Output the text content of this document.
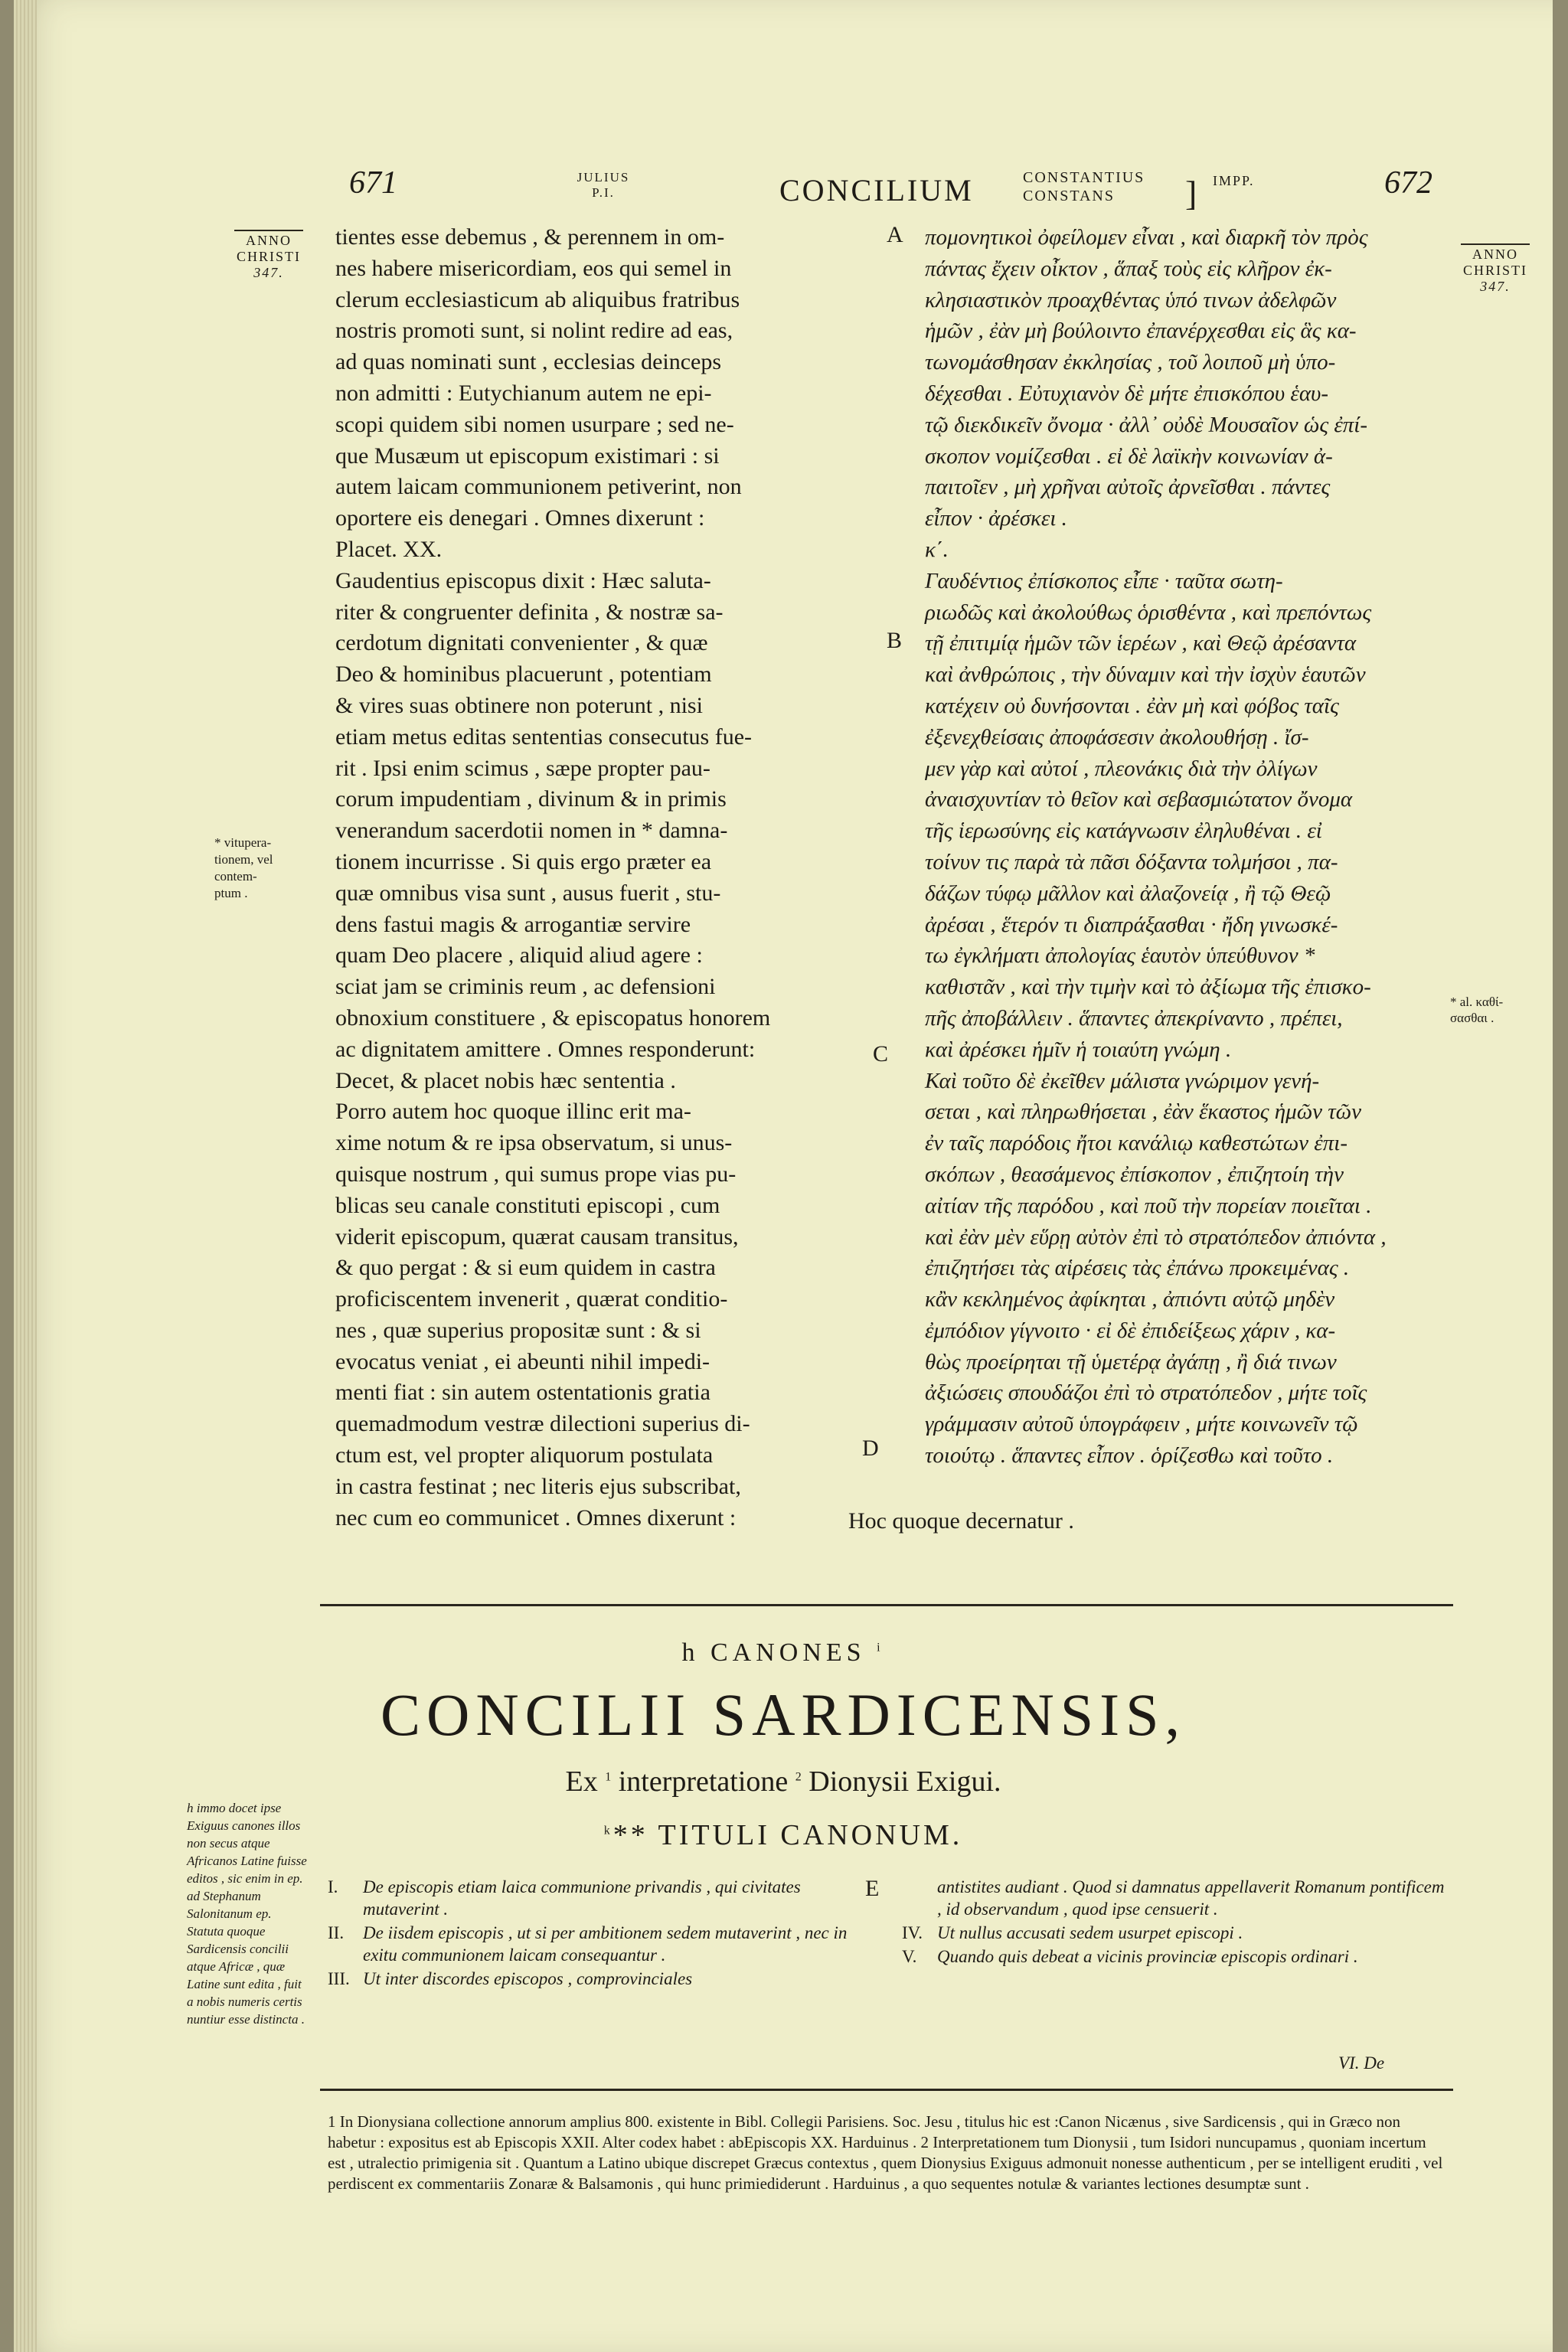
671	JULIUS
P.I.	CONCILIUM	CONSTANTIUS
CONSTANS	] IMPP.	672
ANNO
CHRISTI
347.
ANNO
CHRISTI
347.
tientes esse debemus , & perennem in om-
nes habere misericordiam, eos qui semel in
clerum ecclesiasticum ab aliquibus fratribus
nostris promoti sunt, si nolint redire ad eas,
ad quas nominati sunt , ecclesias deinceps
non admitti : Eutychianum autem ne epi-
scopi quidem sibi nomen usurpare ; sed ne-
que Musæum ut episcopum existimari : si
autem laicam communionem petiverint, non
oportere eis denegari . Omnes dixerunt :
Placet. XX.
Gaudentius episcopus dixit : Hæc saluta-
riter & congruenter definita , & nostræ sa-
cerdotum dignitati convenienter , & quæ
Deo & hominibus placuerunt , potentiam
& vires suas obtinere non poterunt , nisi
etiam metus editas sententias consecutus fue-
rit . Ipsi enim scimus , sæpe propter pau-
corum impudentiam , divinum & in primis
venerandum sacerdotii nomen in * damna-
tionem incurrisse . Si quis ergo præter ea
quæ omnibus visa sunt , ausus fuerit , stu-
dens fastui magis & arrogantiæ servire
quam Deo placere , aliquid aliud agere :
sciat jam se criminis reum , ac defensioni
obnoxium constituere , & episcopatus honorem
ac dignitatem amittere . Omnes responderunt:
Decet, & placet nobis hæc sententia .
Porro autem hoc quoque illinc erit ma-
xime notum & re ipsa observatum, si unus-
quisque nostrum , qui sumus prope vias pu-
blicas seu canale constituti episcopi , cum
viderit episcopum, quærat causam transitus,
& quo pergat : & si eum quidem in castra
proficiscentem invenerit , quærat conditio-
nes , quæ superius propositæ sunt : & si
evocatus veniat , ei abeunti nihil impedi-
menti fiat : sin autem ostentationis gratia
quemadmodum vestræ dilectioni superius di-
ctum est, vel propter aliquorum postulata
in castra festinat ; nec literis ejus subscribat,
nec cum eo communicet . Omnes dixerunt :	Hoc quoque decernatur .
A
B
C
D
πομονητικοὶ ὀφείλομεν εἶναι , καὶ διαρκῆ τὸν πρὸς
πάντας ἔχειν οἶκτον , ἅπαξ τοὺς εἰς κλῆρον ἐκ-
κλησιαστικὸν προαχθέντας ὑπό τινων ἀδελφῶν
ἡμῶν , ἐὰν μὴ βούλοιντο ἐπανέρχεσθαι εἰς ἃς κα-
τωνομάσθησαν ἐκκλησίας , τοῦ λοιποῦ μὴ ὑπο-
δέχεσθαι . Εὐτυχιανὸν δὲ μήτε ἐπισκόπου ἑαυ-
τῷ διεκδικεῖν ὄνομα · ἀλλ᾽ οὐδὲ Μουσαῖον ὡς ἐπί-
σκοπον νομίζεσθαι . εἰ δὲ λαϊκὴν κοινωνίαν ἀ-
παιτοῖεν , μὴ χρῆναι αὐτοῖς ἀρνεῖσθαι . πάντες
εἶπον · ἀρέσκει .
κ΄.
Γαυδέντιος ἐπίσκοπος εἶπε · ταῦτα σωτη-
ριωδῶς καὶ ἀκολούθως ὁρισθέντα , καὶ πρεπόντως
τῇ ἐπιτιμίᾳ ἡμῶν τῶν ἱερέων , καὶ Θεῷ ἀρέσαντα
καὶ ἀνθρώποις , τὴν δύναμιν καὶ τὴν ἰσχὺν ἑαυτῶν
κατέχειν οὐ δυνήσονται . ἐὰν μὴ καὶ φόβος ταῖς
ἐξενεχθείσαις ἀποφάσεσιν ἀκολουθήσῃ . ἴσ-
μεν γὰρ καὶ αὐτοί , πλεονάκις διὰ τὴν ὀλίγων
ἀναισχυντίαν τὸ θεῖον καὶ σεβασμιώτατον ὄνομα
τῆς ἱερωσύνης εἰς κατάγνωσιν ἐληλυθέναι . εἰ
τοίνυν τις παρὰ τὰ πᾶσι δόξαντα τολμήσοι , πα-
δάζων τύφῳ μᾶλλον καὶ ἀλαζονείᾳ , ἢ τῷ Θεῷ
ἀρέσαι , ἕτερόν τι διαπράξασθαι · ἤδη γινωσκέ-
τω ἐγκλήματι ἀπολογίας ἑαυτὸν ὑπεύθυνον *
καθιστᾶν , καὶ τὴν τιμὴν καὶ τὸ ἀξίωμα τῆς ἐπισκο-
πῆς ἀποβάλλειν . ἅπαντες ἀπεκρίναντο , πρέπει,
καὶ ἀρέσκει ἡμῖν ἡ τοιαύτη γνώμη .
Καὶ τοῦτο δὲ ἐκεῖθεν μάλιστα γνώριμον γενή-
σεται , καὶ πληρωθήσεται , ἐὰν ἕκαστος ἡμῶν τῶν
ἐν ταῖς παρόδοις ἤτοι κανάλιῳ καθεστώτων ἐπι-
σκόπων , θεασάμενος ἐπίσκοπον , ἐπιζητοίη τὴν
αἰτίαν τῆς παρόδου , καὶ ποῦ τὴν πορείαν ποιεῖται .
καὶ ἐὰν μὲν εὕρῃ αὐτὸν ἐπὶ τὸ στρατόπεδον ἀπιόντα ,
ἐπιζητήσει τὰς αἱρέσεις τὰς ἐπάνω προκειμένας .
κἂν κεκλημένος ἀφίκηται , ἀπιόντι αὐτῷ μηδὲν
ἐμπόδιον γίγνοιτο · εἰ δὲ ἐπιδείξεως χάριν , κα-
θὼς προείρηται τῇ ὑμετέρᾳ ἀγάπῃ , ἢ διά τινων
ἀξιώσεις σπουδάζοι ἐπὶ τὸ στρατόπεδον , μήτε τοῖς
γράμμασιν αὐτοῦ ὑπογράφειν , μήτε κοινωνεῖν τῷ
τοιούτῳ . ἅπαντες εἶπον . ὁρίζεσθω καὶ τοῦτο .
* vitupera-
tionem, vel
contem-
ptum .
* al. καθί-
σασθαι .
h CANONES $^i$
CONCILII SARDICENSIS,
Ex $^1$ interpretatione $^2$ Dionysii Exigui.
$^k$** TITULI CANONUM.
I.	De episcopis etiam laica communione privandis , qui civitates mutaverint .
II.	De iisdem episcopis , ut si per ambitionem sedem mutaverint , nec in exitu communionem laicam consequantur .
III. Ut inter discordes episcopos , comprovinciales
E	antistites audiant . Quod si damnatus appellaverit Romanum pontificem , id observandum , quod ipse censuerit .
IV. Ut nullus accusati sedem usurpet episcopi .
V.	Quando quis debeat a vicinis provinciæ episcopis ordinari .
VI. De
h immo docet ipse Exiguus canones illos non secus atque Africanos Latine fuisse editos , sic enim in ep. ad Stephanum Salonitanum ep. Statuta quoque Sardicensis concilii atque Africæ , quæ Latine sunt edita , fuit a nobis numeris certis nuntiur esse distincta .
1 In Dionysiana collectione annorum amplius 800. existente in Bibl. Collegii Parisiens. Soc. Jesu , titulus hic est :Canon Nicænus , sive Sardicensis , qui in Græco non habetur : expositus est ab Episcopis XXII. Alter codex habet : abEpiscopis XX. Harduinus . 2 Interpretationem tum Dionysii , tum Isidori nuncupamus , quoniam incertum est , utralectio primigenia sit . Quantum a Latino ubique discrepet Græcus contextus , quem Dionysius Exiguus admonuit nonesse authenticum , per se intelligent eruditi , vel perdiscent ex commentariis Zonaræ & Balsamonis , qui hunc primiediderunt . Harduinus , a quo sequentes notulæ & variantes lectiones desumptæ sunt .
